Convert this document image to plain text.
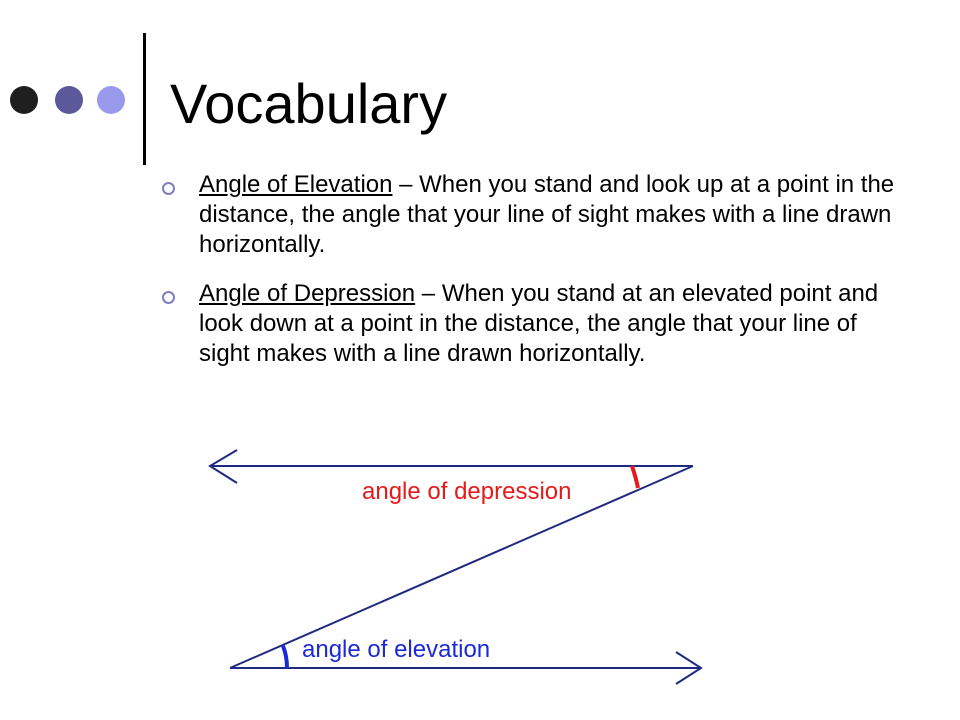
Vocabulary

Angle of Elevation – When you stand and look up at a point in the distance, the angle that your line of sight makes with a line drawn horizontally.

Angle of Depression – When you stand at an elevated point and look down at a point in the distance, the angle that your line of sight makes with a line drawn horizontally.

angle of depression
angle of elevation
